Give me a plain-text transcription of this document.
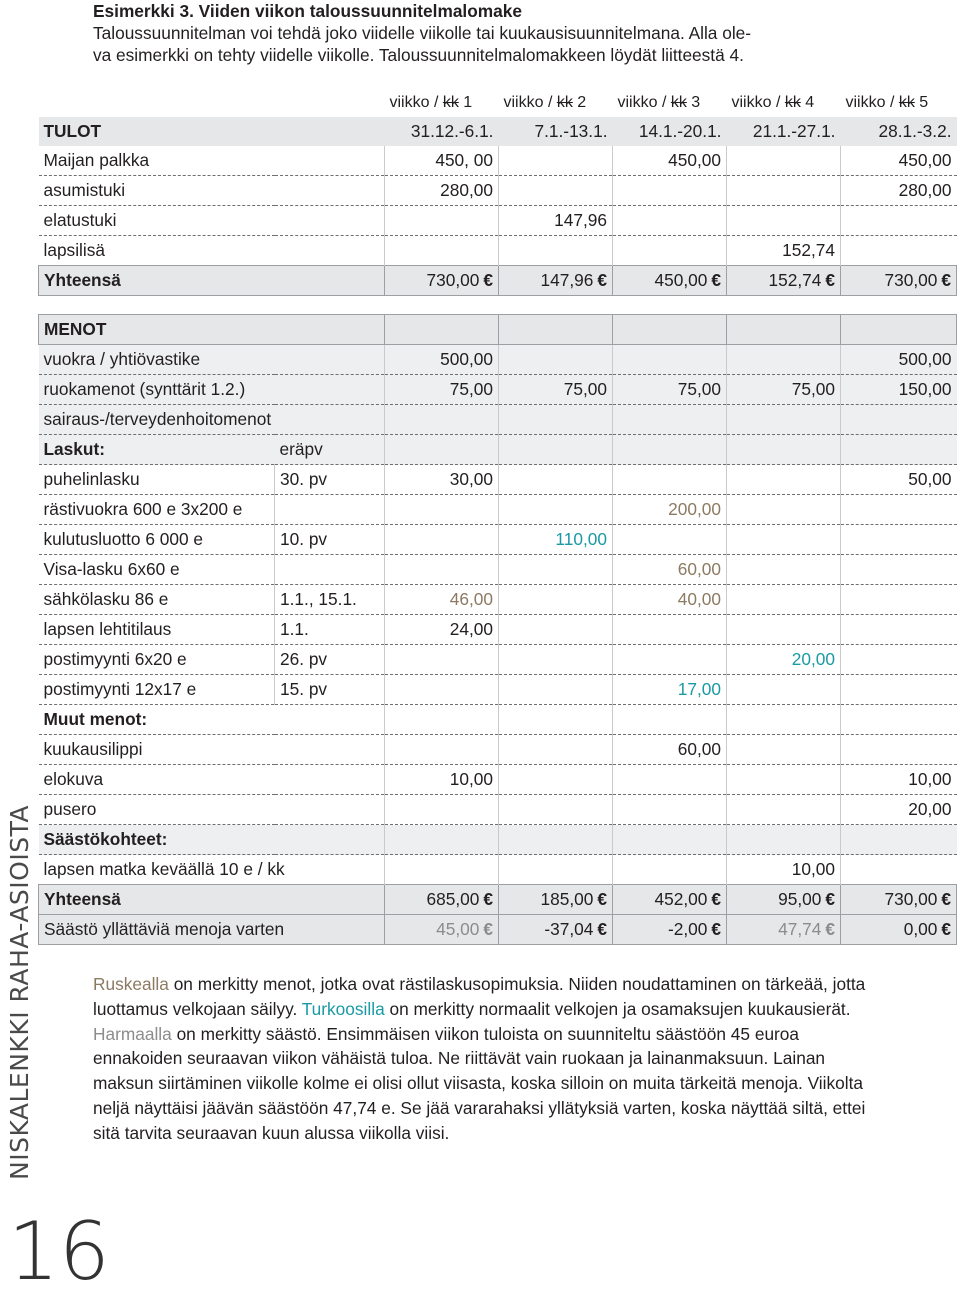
Esimerkki 3. Viiden viikon taloussuunnitelmalomake

Taloussuunnitelman voi tehdä joko viidelle viikolle tai kuukausisuunnitelmana. Alla ole-

va esimerkki on tehty viidelle viikolle. Taloussuunnitelmalomakkeen löydät liitteestä 4.

		viikko / kk 1	viikko / kk 2	viikko / kk 3	viikko / kk 4	viikko / kk 5
TULOT		31.12.-6.1.	7.1.-13.1.	14.1.-20.1.	21.1.-27.1.	28.1.-3.2.
Maijan palkka		450, 00		450,00		450,00
asumistuki		280,00				280,00
elatustuki			147,96			
lapsilisä					152,74	
Yhteensä		730,00 €	147,96 €	450,00 €	152,74 €	730,00 €

MENOT						
vuokra / yhtiövastike		500,00				500,00
ruokamenot (synttärit 1.2.)		75,00	75,00	75,00	75,00	150,00
sairaus-/terveydenhoitomenot						
Laskut:	eräpv					
puhelinlasku	30. pv	30,00				50,00
rästivuokra 600 e 3x200 e				200,00		
kulutusluotto 6 000 e	10. pv		110,00			
Visa-lasku 6x60 e				60,00		
sähkölasku 86 e	1.1., 15.1.	46,00		40,00		
lapsen lehtitilaus	1.1.	24,00				
postimyynti 6x20 e	26. pv				20,00	
postimyynti 12x17 e	15. pv			17,00		
Muut menot:						
kuukausilippi				60,00		
elokuva		10,00				10,00
pusero						20,00
Säästökohteet:						
lapsen matka keväällä 10 e / kk					10,00	
Yhteensä		685,00 €	185,00 €	452,00 €	95,00 €	730,00 €
Säästö yllättäviä menoja varten		45,00 €	-37,04 €	-2,00 €	47,74 €	0,00 €

Ruskealla on merkitty menot, jotka ovat rästilaskusopimuksia. Niiden noudattaminen on tärkeää, jotta luottamus velkojaan säilyy. Turkoosilla on merkitty normaalit velkojen ja osamaksujen kuukausierät. Harmaalla on merkitty säästö. Ensimmäisen viikon tuloista on suunniteltu säästöön 45 euroa ennakoiden seuraavan viikon vähäistä tuloa. Ne riittävät vain ruokaan ja lainanmaksuun. Lainan maksun siirtäminen viikolle kolme ei olisi ollut viisasta, koska silloin on muita tärkeitä menoja. Viikolta neljä näyttäisi jäävän säästöön 47,74 e. Se jää vararahaksi yllätyksiä varten, koska näyttää siltä, ettei sitä tarvita seuraavan kuun alussa viikolla viisi.

NISKALENKKI RAHA-ASIOISTA
16
